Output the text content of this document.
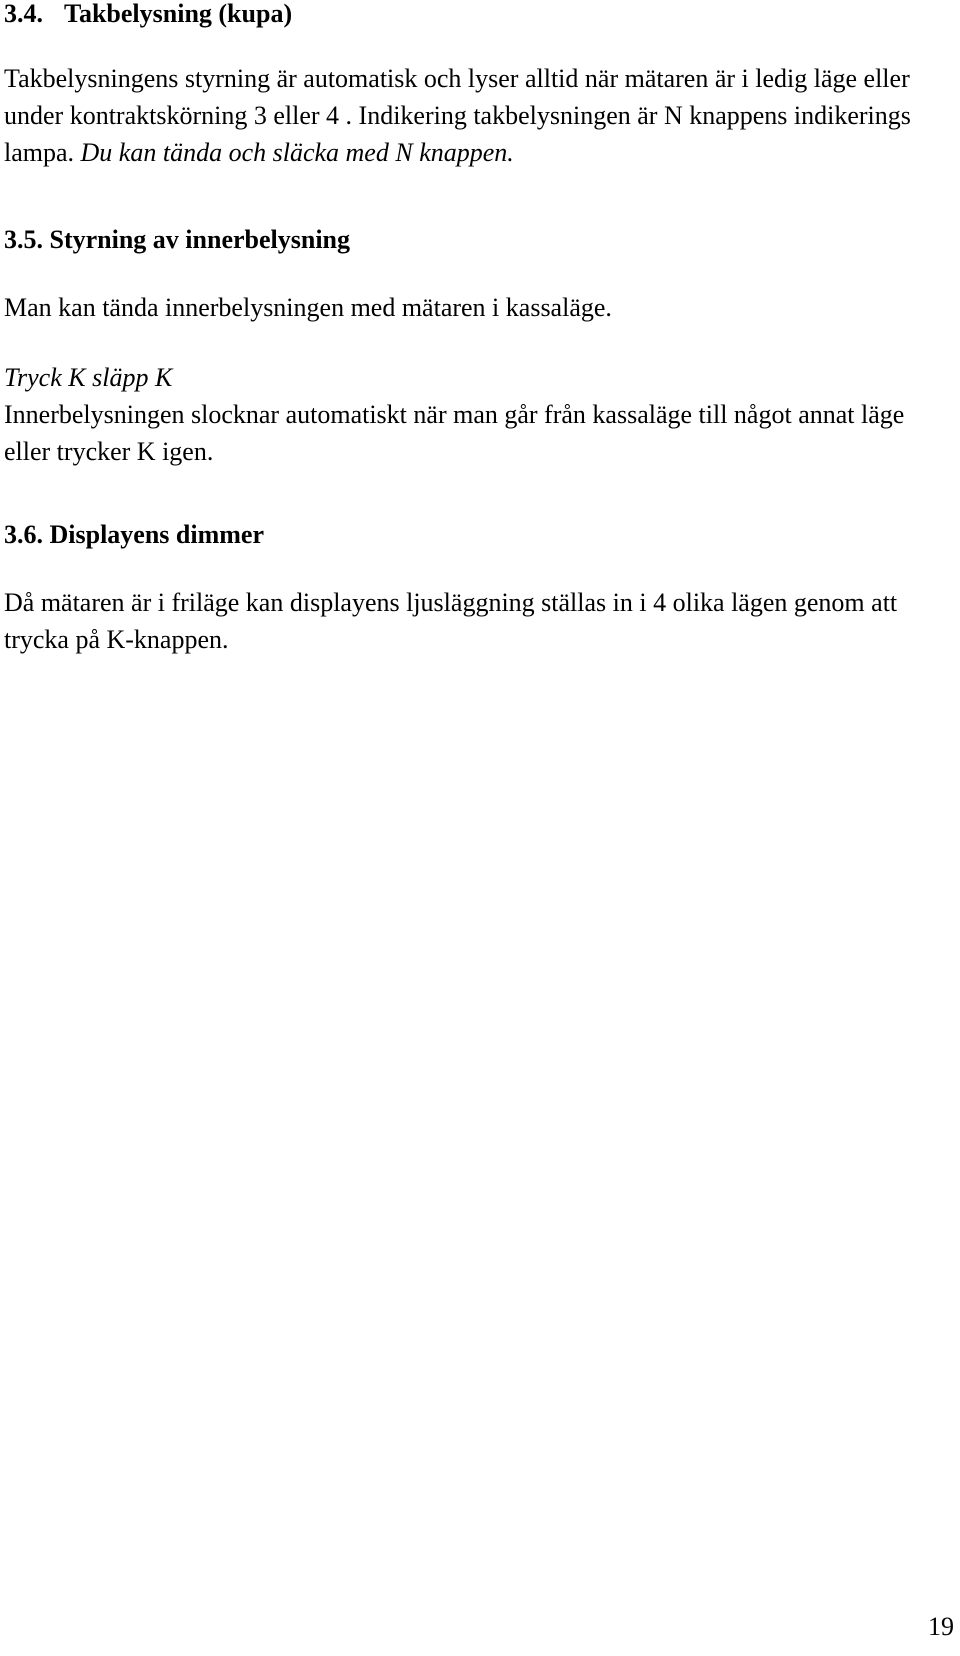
3.4. Takbelysning (kupa)

Takbelysningens styrning är automatisk och lyser alltid när mätaren är i ledig läge eller under kontraktskörning 3 eller 4 . Indikering takbelysningen är N knappens indikerings lampa. Du kan tända och släcka med N knappen.

3.5. Styrning av innerbelysning

Man kan tända innerbelysningen med mätaren i kassaläge.

Tryck K släpp K

Innerbelysningen slocknar automatiskt när man går från kassaläge till något annat läge eller trycker K igen.

3.6. Displayens dimmer

Då mätaren är i friläge kan displayens ljusläggning ställas in i 4 olika lägen genom att trycka på K-knappen.

19
